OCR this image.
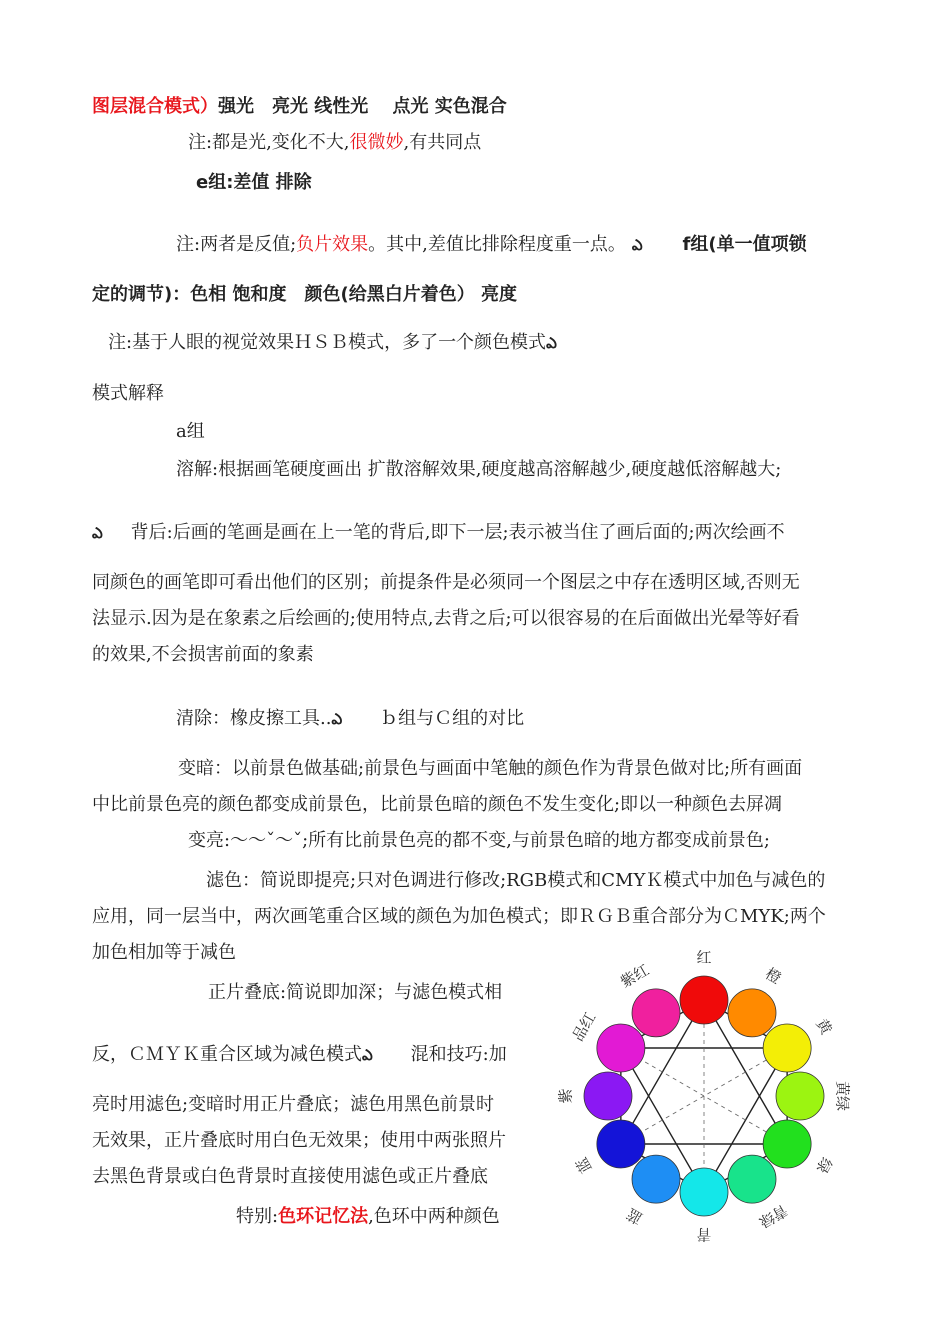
图层混合模式）强光　亮光 线性光　 点光 实色混合
注:都是光,变化不大,很微妙,有共同点
e组:差值 排除
注:两者是反值;负片效果。其中,差值比排除程度重一点。 ఎ f组(单一值项锁
定的调节)：色相 饱和度　颜色(给黑白片着色） 亮度
注:基于人眼的视觉效果ＨＳＢ模式，多了一个颜色模式ఎ
模式解释
a组
溶解:根据画笔硬度画出 扩散溶解效果,硬度越高溶解越少,硬度越低溶解越大;
ఎ 背后:后画的笔画是画在上一笔的背后,即下一层;表示被当住了画后面的;两次绘画不
同颜色的画笔即可看出他们的区别；前提条件是必须同一个图层之中存在透明区域,否则无
法显示.因为是在象素之后绘画的;使用特点,去背之后;可以很容易的在后面做出光晕等好看
的效果,不会损害前面的象素
清除：橡皮擦工具..ఎ ｂ组与Ｃ组的对比
变暗：以前景色做基础;前景色与画面中笔触的颜色作为背景色做对比;所有画面
中比前景色亮的颜色都变成前景色，比前景色暗的颜色不发生变化;即以一种颜色去屏凋
变亮:～～ˇ～ˇ;所有比前景色亮的都不变,与前景色暗的地方都变成前景色;
滤色：简说即提亮;只对色调进行修改;RGB模式和CMYＫ模式中加色与减色的
应用，同一层当中，两次画笔重合区域的颜色为加色模式；即ＲＧＢ重合部分为ＣMYK;两个
加色相加等于减色
正片叠底:简说即加深；与滤色模式相
反，ＣＭＹＫ重合区域为减色模式ఎ 混和技巧:加
亮时用滤色;变暗时用正片叠底；滤色用黑色前景时
无效果，正片叠底时用白色无效果；使用中两张照片
去黑色背景或白色背景时直接使用滤色或正片叠底
特别:色环记忆法,色环中两种颜色
红
橙
黄
黄绿
绿
青绿
青
蓝
蓝
紫
品红
紫红
